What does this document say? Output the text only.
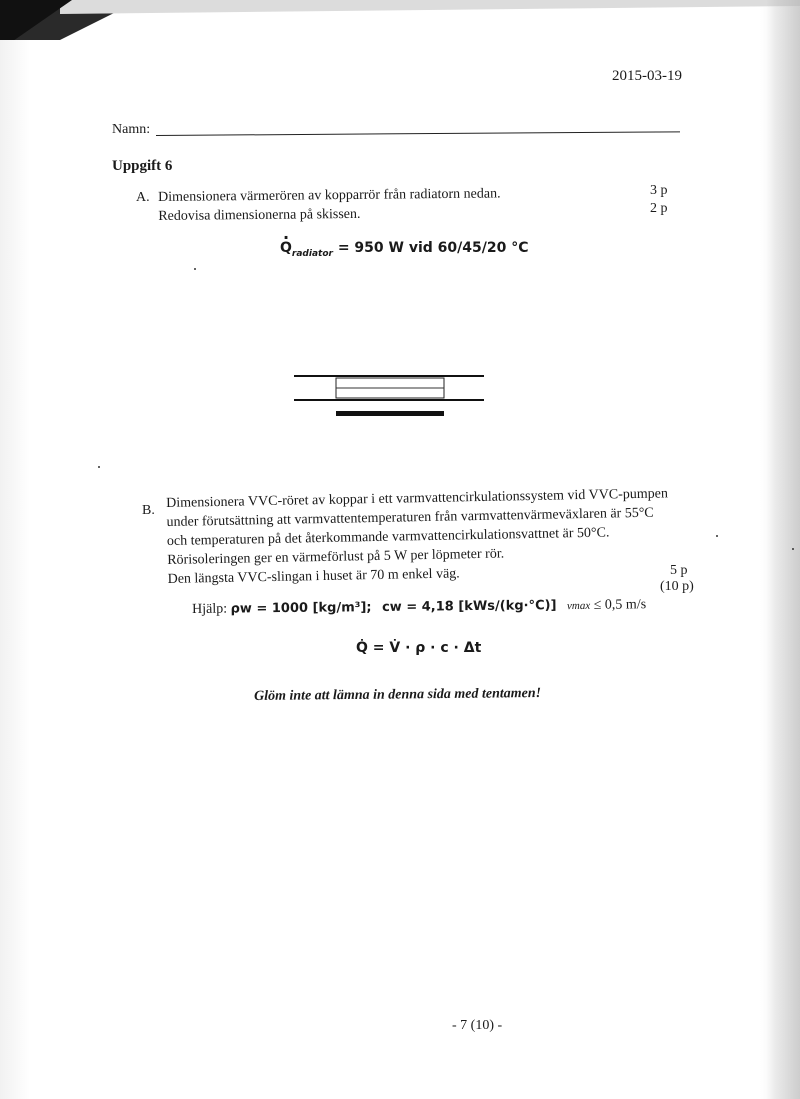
2015-03-19
Namn:
Uppgift 6
A. Dimensionera värmerören av kopparrör från radiatorn nedan.
Redovisa dimensionerna på skissen.
3 p
2 p
· $Q_{radiator} = 950$ W vid 60/45/20 °C
B. Dimensionera VVC-röret av koppar i ett varmvattencirkulationssystem vid VVC-pumpen
under förutsättning att varmvattentemperaturen från varmvattenvärmeväxlaren är 55°C
och temperaturen på det återkommande varmvattencirkulationsvattnet är 50°C.
Rörisoleringen ger en värmeförlust på 5 W per löpmeter rör.
Den längsta VVC-slingan i huset är 70 m enkel väg.	5 p
(10 p)
Hjälp: ρw = 1000 [kg/m³]; cw = 4,18 [kWs/(kg·°C)] vmax ≤ 0,5 m/s
Q̇ = V̇ · ρ · c · Δt
Glöm inte att lämna in denna sida med tentamen!
- 7 (10) -
